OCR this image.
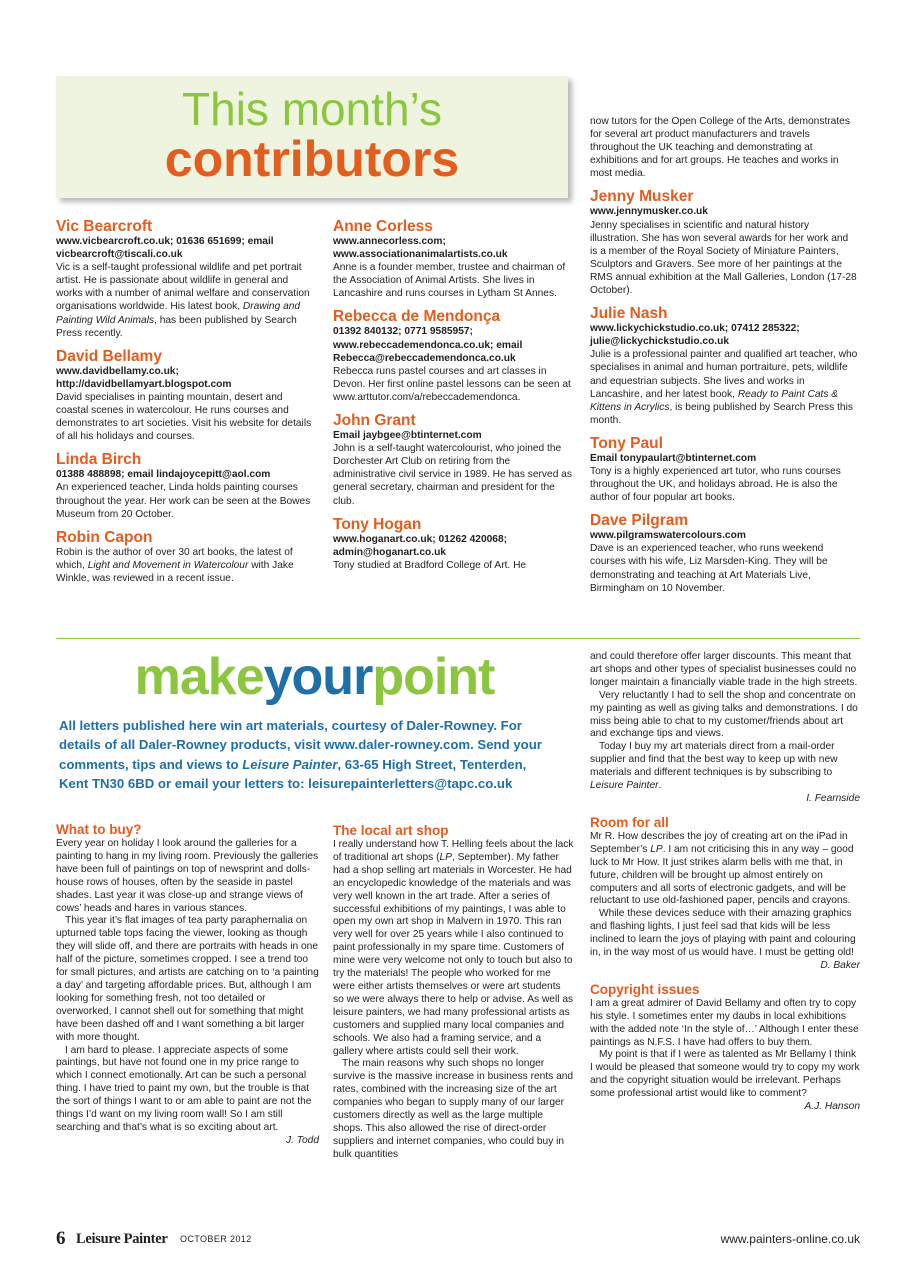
This month’s
contributors
Vic Bearcroft
www.vicbearcroft.co.uk; 01636 651699; email vicbearcroft@tiscali.co.uk
Vic is a self-taught professional wildlife and pet portrait artist. He is passionate about wildlife in general and works with a number of animal welfare and conservation organisations worldwide. His latest book, Drawing and Painting Wild Animals, has been published by Search Press recently.
David Bellamy
www.davidbellamy.co.uk; http://davidbellamyart.blogspot.com
David specialises in painting mountain, desert and coastal scenes in watercolour. He runs courses and demonstrates to art societies. Visit his website for details of all his holidays and courses.
Linda Birch
01388 488898; email lindajoycepitt@aol.com
An experienced teacher, Linda holds painting courses throughout the year. Her work can be seen at the Bowes Museum from 20 October.
Robin Capon
Robin is the author of over 30 art books, the latest of which, Light and Movement in Watercolour with Jake Winkle, was reviewed in a recent issue.
Anne Corless
www.annecorless.com; www.associationanimalartists.co.uk
Anne is a founder member, trustee and chairman of the Association of Animal Artists. She lives in Lancashire and runs courses in Lytham St Annes.
Rebecca de Mendonça
01392 840132; 0771 9585957; www.rebeccademendonca.co.uk; email Rebecca@rebeccademendonca.co.uk
Rebecca runs pastel courses and art classes in Devon. Her first online pastel lessons can be seen at www.arttutor.com/a/rebeccademendonca.
John Grant
Email jaybgee@btinternet.com
John is a self-taught watercolourist, who joined the Dorchester Art Club on retiring from the administrative civil service in 1989. He has served as general secretary, chairman and president for the club.
Tony Hogan
www.hoganart.co.uk; 01262 420068; admin@hoganart.co.uk
Tony studied at Bradford College of Art. He
now tutors for the Open College of the Arts, demonstrates for several art product manufacturers and travels throughout the UK teaching and demonstrating at exhibitions and for art groups. He teaches and works in most media.
Jenny Musker
www.jennymusker.co.uk
Jenny specialises in scientific and natural history illustration. She has won several awards for her work and is a member of the Royal Society of Miniature Painters, Sculptors and Gravers. See more of her paintings at the RMS annual exhibition at the Mall Galleries, London (17-28 October).
Julie Nash
www.lickychickstudio.co.uk; 07412 285322; julie@lickychickstudio.co.uk
Julie is a professional painter and qualified art teacher, who specialises in animal and human portraiture, pets, wildlife and equestrian subjects. She lives and works in Lancashire, and her latest book, Ready to Paint Cats & Kittens in Acrylics, is being published by Search Press this month.
Tony Paul
Email tonypaulart@btinternet.com
Tony is a highly experienced art tutor, who runs courses throughout the UK, and holidays abroad. He is also the author of four popular art books.
Dave Pilgram
www.pilgramswatercolours.com
Dave is an experienced teacher, who runs weekend courses with his wife, Liz Marsden-King. They will be demonstrating and teaching at Art Materials Live, Birmingham on 10 November.
makeyourpoint
All letters published here win art materials, courtesy of Daler-Rowney. For details of all Daler-Rowney products, visit www.daler-rowney.com. Send your comments, tips and views to Leisure Painter, 63-65 High Street, Tenterden, Kent TN30 6BD or email your letters to: leisurepainterletters@tapc.co.uk
What to buy?

Every year on holiday I look around the galleries for a painting to hang in my living room. Previously the galleries have been full of paintings on top of newsprint and dolls-house rows of houses, often by the seaside in pastel shades. Last year it was close-up and strange views of cows’ heads and hares in various stances.

This year it’s flat images of tea party paraphernalia on upturned table tops facing the viewer, looking as though they will slide off, and there are portraits with heads in one half of the picture, sometimes cropped. I see a trend too for small pictures, and artists are catching on to ‘a painting a day’ and targeting affordable prices. But, although I am looking for something fresh, not too detailed or overworked, I cannot shell out for something that might have been dashed off and I want something a bit larger with more thought.

I am hard to please. I appreciate aspects of some paintings, but have not found one in my price range to which I connect emotionally. Art can be such a personal thing. I have tried to paint my own, but the trouble is that the sort of things I want to or am able to paint are not the things I’d want on my living room wall! So I am still searching and that’s what is so exciting about art.

J. Todd

The local art shop

I really understand how T. Helling feels about the lack of traditional art shops (LP, September). My father had a shop selling art materials in Worcester. He had an encyclopedic knowledge of the materials and was very well known in the art trade. After a series of successful exhibitions of my paintings, I was able to open my own art shop in Malvern in 1970. This ran very well for over 25 years while I also continued to paint professionally in my spare time. Customers of mine were very welcome not only to touch but also to try the materials! The people who worked for me were either artists themselves or were art students so we were always there to help or advise. As well as leisure painters, we had many professional artists as customers and supplied many local companies and schools. We also had a framing service, and a gallery where artists could sell their work.

The main reasons why such shops no longer survive is the massive increase in business rents and rates, combined with the increasing size of the art companies who began to supply many of our larger customers directly as well as the large multiple shops. This also allowed the rise of direct-order suppliers and internet companies, who could buy in bulk quantities

and could therefore offer larger discounts. This meant that art shops and other types of specialist businesses could no longer maintain a financially viable trade in the high streets.

Very reluctantly I had to sell the shop and concentrate on my painting as well as giving talks and demonstrations. I do miss being able to chat to my customer/friends about art and exchange tips and views.

Today I buy my art materials direct from a mail-order supplier and find that the best way to keep up with new materials and different techniques is by subscribing to Leisure Painter.

I. Fearnside

Room for all

Mr R. How describes the joy of creating art on the iPad in September’s LP. I am not criticising this in any way – good luck to Mr How. It just strikes alarm bells with me that, in future, children will be brought up almost entirely on computers and all sorts of electronic gadgets, and will be reluctant to use old-fashioned paper, pencils and crayons.

While these devices seduce with their amazing graphics and flashing lights, I just feel sad that kids will be less inclined to learn the joys of playing with paint and colouring in, in the way most of us would have. I must be getting old!

D. Baker

Copyright issues

I am a great admirer of David Bellamy and often try to copy his style. I sometimes enter my daubs in local exhibitions with the added note ‘In the style of…’ Although I enter these paintings as N.F.S. I have had offers to buy them.

My point is that if I were as talented as Mr Bellamy I think I would be pleased that someone would try to copy my work and the copyright situation would be irrelevant. Perhaps some professional artist would like to comment?

A.J. Hanson

6 Leisure Painter OCTOBER 2012	www.painters-online.co.uk
